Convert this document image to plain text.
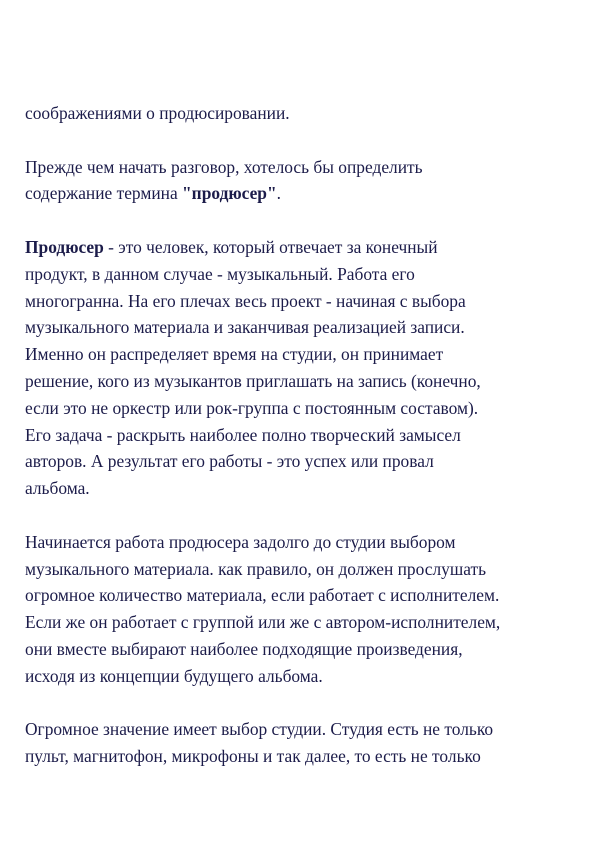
соображениями о продюсировании.

Прежде чем начать разговор, хотелось бы определить
содержание термина "продюсер".

Продюсер - это человек, который отвечает за конечный
продукт, в данном случае - музыкальный. Работа его
многогранна. На его плечах весь проект - начиная с выбора
музыкального материала и заканчивая реализацией записи.
Именно он распределяет время на студии, он принимает
решение, кого из музыкантов приглашать на запись (конечно,
если это не оркестр или рок-группа с постоянным составом).
Его задача - раскрыть наиболее полно творческий замысел
авторов. А результат его работы - это успех или провал
альбома.

Начинается работа продюсера задолго до студии выбором
музыкального материала. как правило, он должен прослушать
огромное количество материала, если работает с исполнителем.
Если же он работает с группой или же с автором-исполнителем,
они вместе выбирают наиболее подходящие произведения,
исходя из концепции будущего альбома.

Огромное значение имеет выбор студии. Студия есть не только
пульт, магнитофон, микрофоны и так далее, то есть не только
